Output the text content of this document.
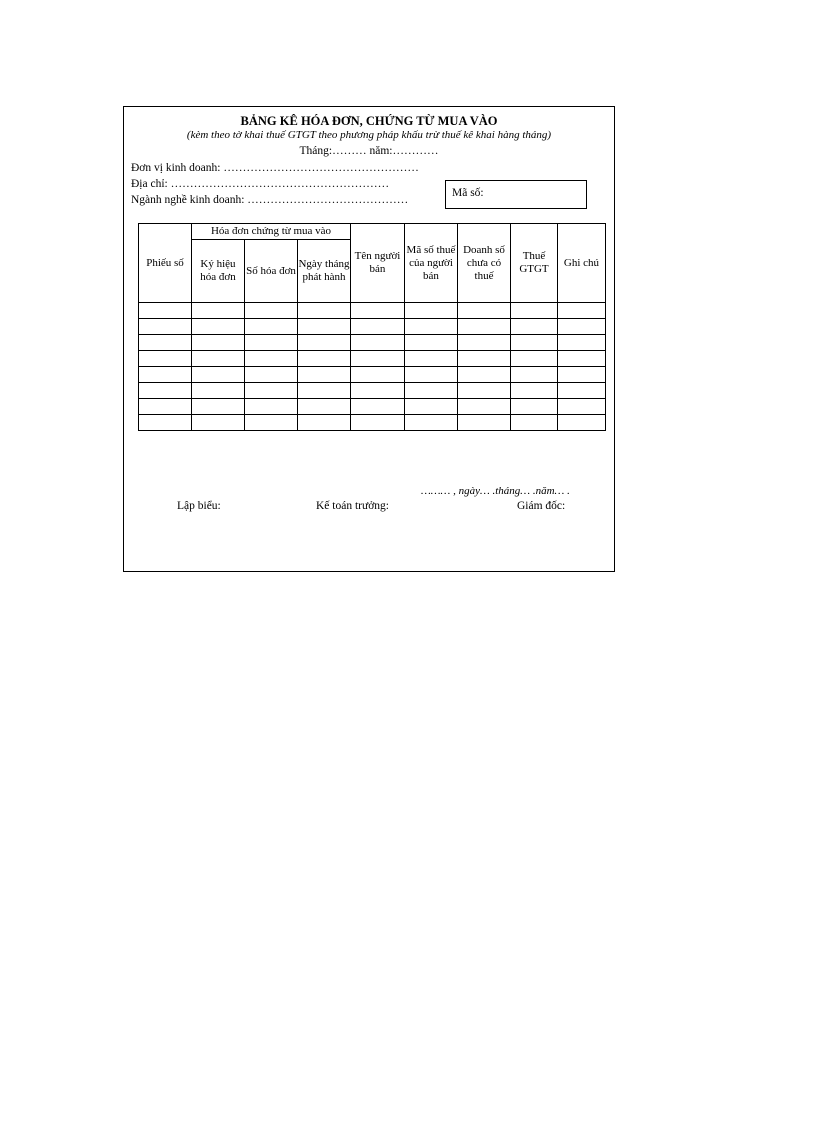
BẢNG KÊ HÓA ĐƠN, CHỨNG TỪ MUA VÀO
(kèm theo tờ khai thuế GTGT theo phương pháp khấu trừ thuế kê khai hàng tháng)
Tháng:……… năm:…………
Đơn vị kinh doanh: ……………………………………………
Địa chỉ: …………………………………………………
Ngành nghề kinh doanh: ……………………………………
Mã số:
Phiếu số	Hóa đơn chứng từ mua vào			Tên người bán	Mã số thuế của người bán	Doanh số chưa có thuế	Thuế GTGT	Ghi chú
	Ký hiệu hóa đơn	Số hóa đơn	Ngày tháng phát hành					

……… , ngày… .tháng… .năm… .
Lập biểu:	Kế toán trưởng:	Giám đốc:
